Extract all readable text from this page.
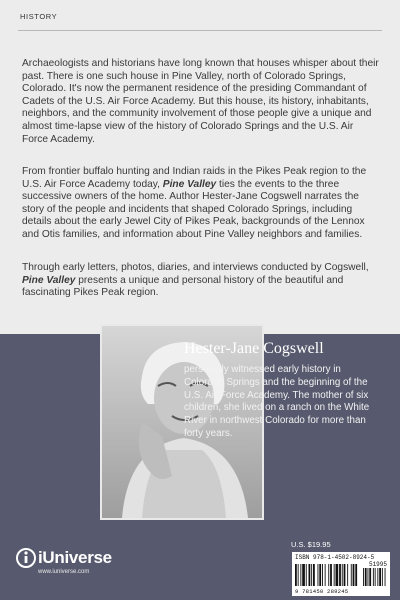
HISTORY

Archaeologists and historians have long known that houses whisper about their past. There is one such house in Pine Valley, north of Colorado Springs, Colorado. It's now the permanent residence of the presiding Commandant of Cadets of the U.S. Air Force Academy. But this house, its history, inhabitants, neighbors, and the community involvement of those people give a unique and almost time-lapse view of the history of Colorado Springs and the U.S. Air Force Academy.

From frontier buffalo hunting and Indian raids in the Pikes Peak region to the U.S. Air Force Academy today, Pine Valley ties the events to the three successive owners of the home. Author Hester-Jane Cogswell narrates the story of the people and incidents that shaped Colorado Springs, including details about the early Jewel City of Pikes Peak, backgrounds of the Lennox and Otis families, and information about Pine Valley neighbors and families.

Through early letters, photos, diaries, and interviews conducted by Cogswell, Pine Valley presents a unique and personal history of the beautiful and fascinating Pikes Peak region.

Hester-Jane Cogswell

personally witnessed early history in Colorado Springs and the beginning of the U.S. Air Force Academy. The mother of six children, she lived on a ranch on the White River in northwest Colorado for more than forty years.

iUniverse
www.iuniverse.com
U.S. $19.95
ISBN 978-1-4502-8924-5
51995
9 781450 289245
